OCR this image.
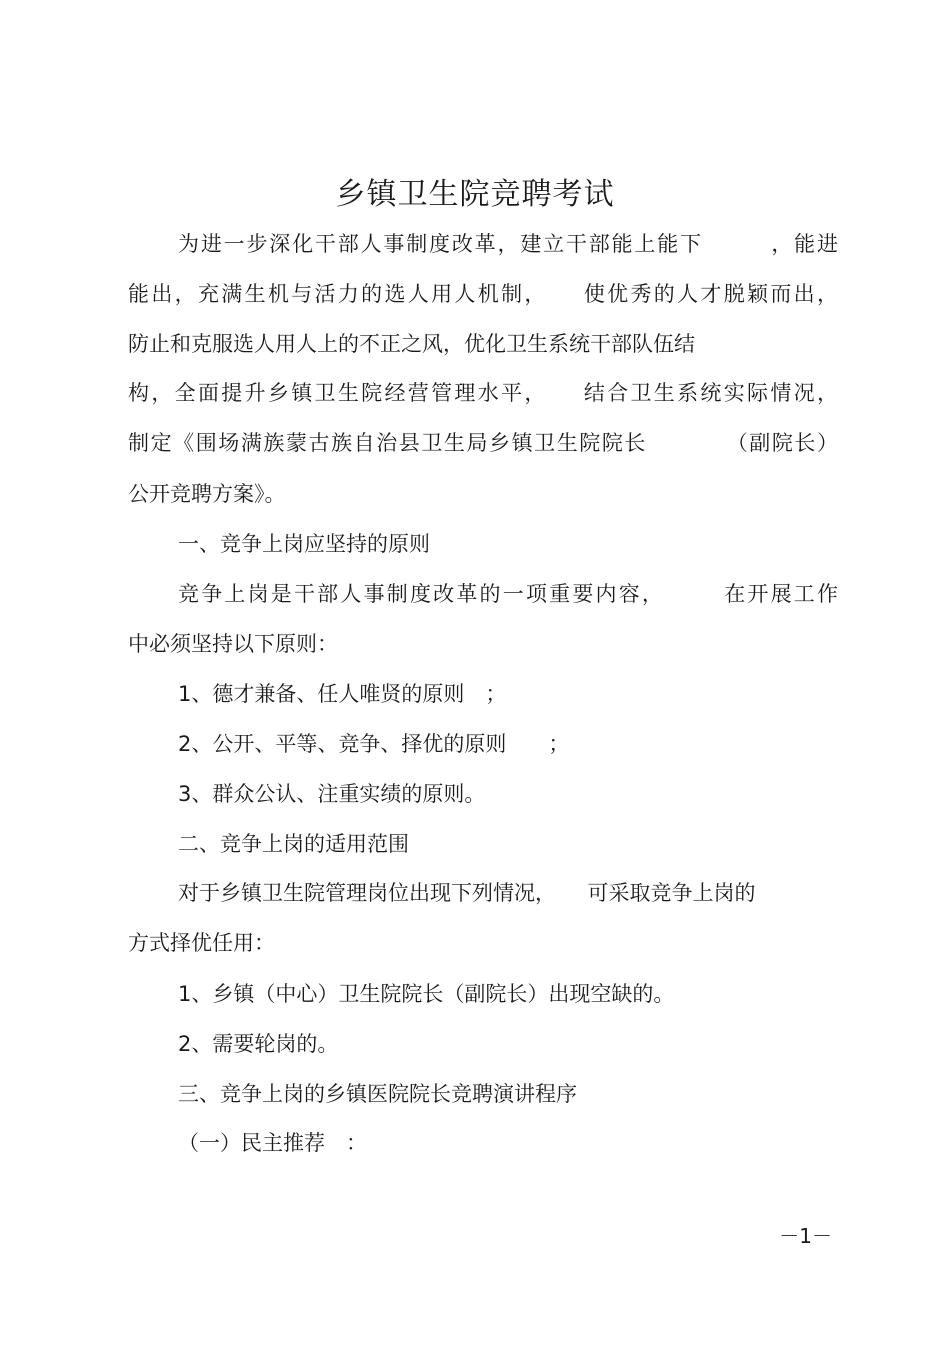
乡镇卫生院竞聘考试
为进一步深化干部人事制度改革，建立干部能上能下　　　，能进
能出，充满生机与活力的选人用人机制，　　使优秀的人才脱颖而出，
防止和克服选人用人上的不正之风，优化卫生系统干部队伍结
构，全面提升乡镇卫生院经营管理水平，　　结合卫生系统实际情况，
制定《围场满族蒙古族自治县卫生局乡镇卫生院院长　　　　（副院长）
公开竞聘方案》。
一、竞争上岗应坚持的原则
竞争上岗是干部人事制度改革的一项重要内容，　　　在开展工作
中必须坚持以下原则：
1、德才兼备、任人唯贤的原则　；
2、公开、平等、竞争、择优的原则　　；
3、群众公认、注重实绩的原则。
二、竞争上岗的适用范围
对于乡镇卫生院管理岗位出现下列情况，　　可采取竞争上岗的
方式择优任用：
1、乡镇（中心）卫生院院长（副院长）出现空缺的。
2、需要轮岗的。
三、竞争上岗的乡镇医院院长竞聘演讲程序
（一）民主推荐　：
－1－
